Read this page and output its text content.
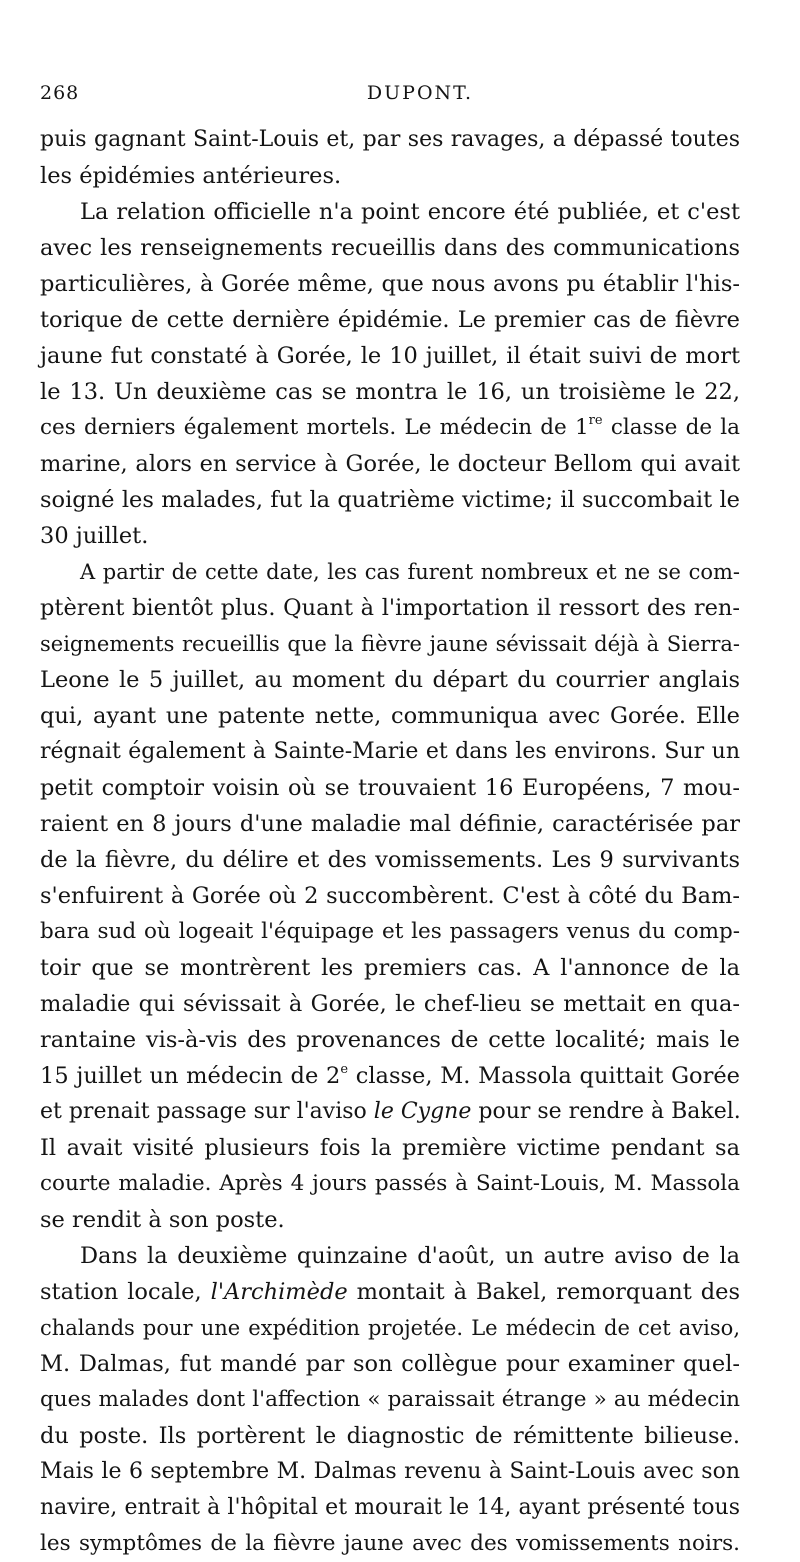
268	DUPONT.
puis gagnant Saint-Louis et, par ses ravages, a dépassé toutes
les épidémies antérieures.
La relation officielle n'a point encore été publiée, et c'est
avec les renseignements recueillis dans des communications
particulières, à Gorée même, que nous avons pu établir l'his-
torique de cette dernière épidémie. Le premier cas de fièvre
jaune fut constaté à Gorée, le 10 juillet, il était suivi de mort
le 13. Un deuxième cas se montra le 16, un troisième le 22,
ces derniers également mortels. Le médecin de 1re classe de la
marine, alors en service à Gorée, le docteur Bellom qui avait
soigné les malades, fut la quatrième victime; il succombait le
30 juillet.
A partir de cette date, les cas furent nombreux et ne se com-
ptèrent bientôt plus. Quant à l'importation il ressort des ren-
seignements recueillis que la fièvre jaune sévissait déjà à Sierra-
Leone le 5 juillet, au moment du départ du courrier anglais
qui, ayant une patente nette, communiqua avec Gorée. Elle
régnait également à Sainte-Marie et dans les environs. Sur un
petit comptoir voisin où se trouvaient 16 Européens, 7 mou-
raient en 8 jours d'une maladie mal définie, caractérisée par
de la fièvre, du délire et des vomissements. Les 9 survivants
s'enfuirent à Gorée où 2 succombèrent. C'est à côté du Bam-
bara sud où logeait l'équipage et les passagers venus du comp-
toir que se montrèrent les premiers cas. A l'annonce de la
maladie qui sévissait à Gorée, le chef-lieu se mettait en qua-
rantaine vis-à-vis des provenances de cette localité; mais le
15 juillet un médecin de 2e classe, M. Massola quittait Gorée
et prenait passage sur l'aviso le Cygne pour se rendre à Bakel.
Il avait visité plusieurs fois la première victime pendant sa
courte maladie. Après 4 jours passés à Saint-Louis, M. Massola
se rendit à son poste.
Dans la deuxième quinzaine d'août, un autre aviso de la
station locale, l'Archimède montait à Bakel, remorquant des
chalands pour une expédition projetée. Le médecin de cet aviso,
M. Dalmas, fut mandé par son collègue pour examiner quel-
ques malades dont l'affection « paraissait étrange » au médecin
du poste. Ils portèrent le diagnostic de rémittente bilieuse.
Mais le 6 septembre M. Dalmas revenu à Saint-Louis avec son
navire, entrait à l'hôpital et mourait le 14, ayant présenté tous
les symptômes de la fièvre jaune avec des vomissements noirs.
